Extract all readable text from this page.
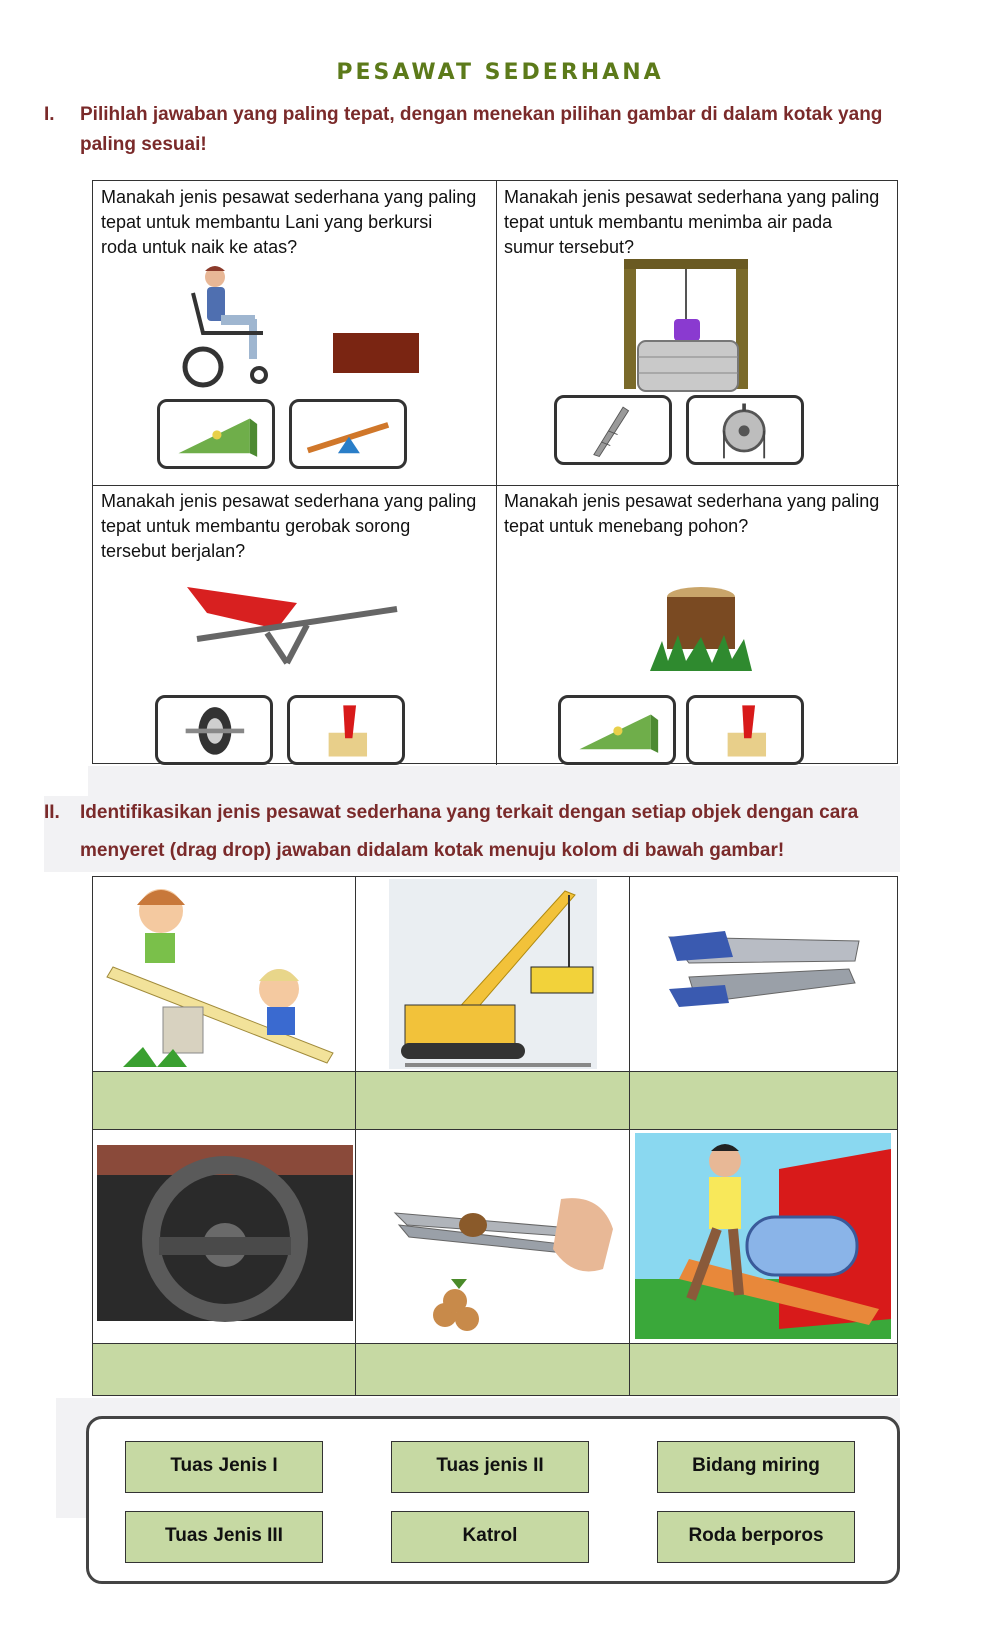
PESAWAT SEDERHANA
I. Pilihlah jawaban yang paling tepat, dengan menekan pilihan gambar di dalam kotak yang
paling sesuai!
Manakah jenis pesawat sederhana yang paling
tepat untuk membantu Lani yang berkursi
roda untuk naik ke atas?
Manakah jenis pesawat sederhana yang paling
tepat untuk membantu menimba air pada
sumur tersebut?
Manakah jenis pesawat sederhana yang paling
tepat untuk membantu gerobak sorong
tersebut berjalan?
Manakah jenis pesawat sederhana yang paling
tepat untuk menebang pohon?
II. Identifikasikan jenis pesawat sederhana yang terkait dengan setiap objek dengan cara
menyeret (drag drop) jawaban didalam kotak menuju kolom di bawah gambar!
Tuas Jenis I	Tuas jenis II	Bidang miring
Tuas Jenis III	Katrol	Roda berporos
